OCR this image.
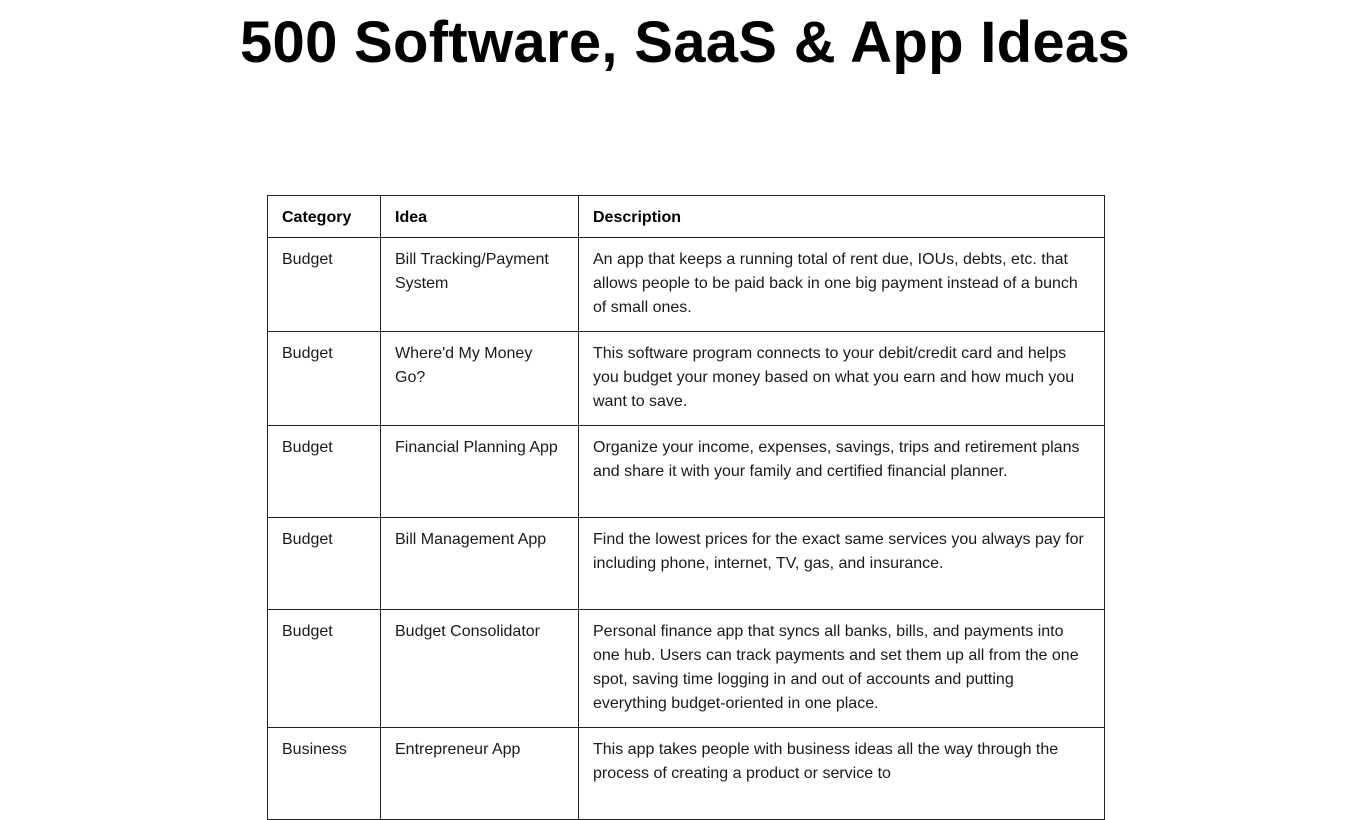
500 Software, SaaS & App Ideas
Category	Idea	Description
Budget	Bill Tracking/Payment System	An app that keeps a running total of rent due, IOUs, debts, etc. that allows people to be paid back in one big payment instead of a bunch of small ones.
Budget	Where'd My Money Go?	This software program connects to your debit/credit card and helps you budget your money based on what you earn and how much you want to save.
Budget	Financial Planning App	Organize your income, expenses, savings, trips and retirement plans and share it with your family and certified financial planner.
Budget	Bill Management App	Find the lowest prices for the exact same services you always pay for including phone, internet, TV, gas, and insurance.
Budget	Budget Consolidator	Personal finance app that syncs all banks, bills, and payments into one hub. Users can track payments and set them up all from the one spot, saving time logging in and out of accounts and putting everything budget-oriented in one place.
Business	Entrepreneur App	This app takes people with business ideas all the way through the process of creating a product or service to
